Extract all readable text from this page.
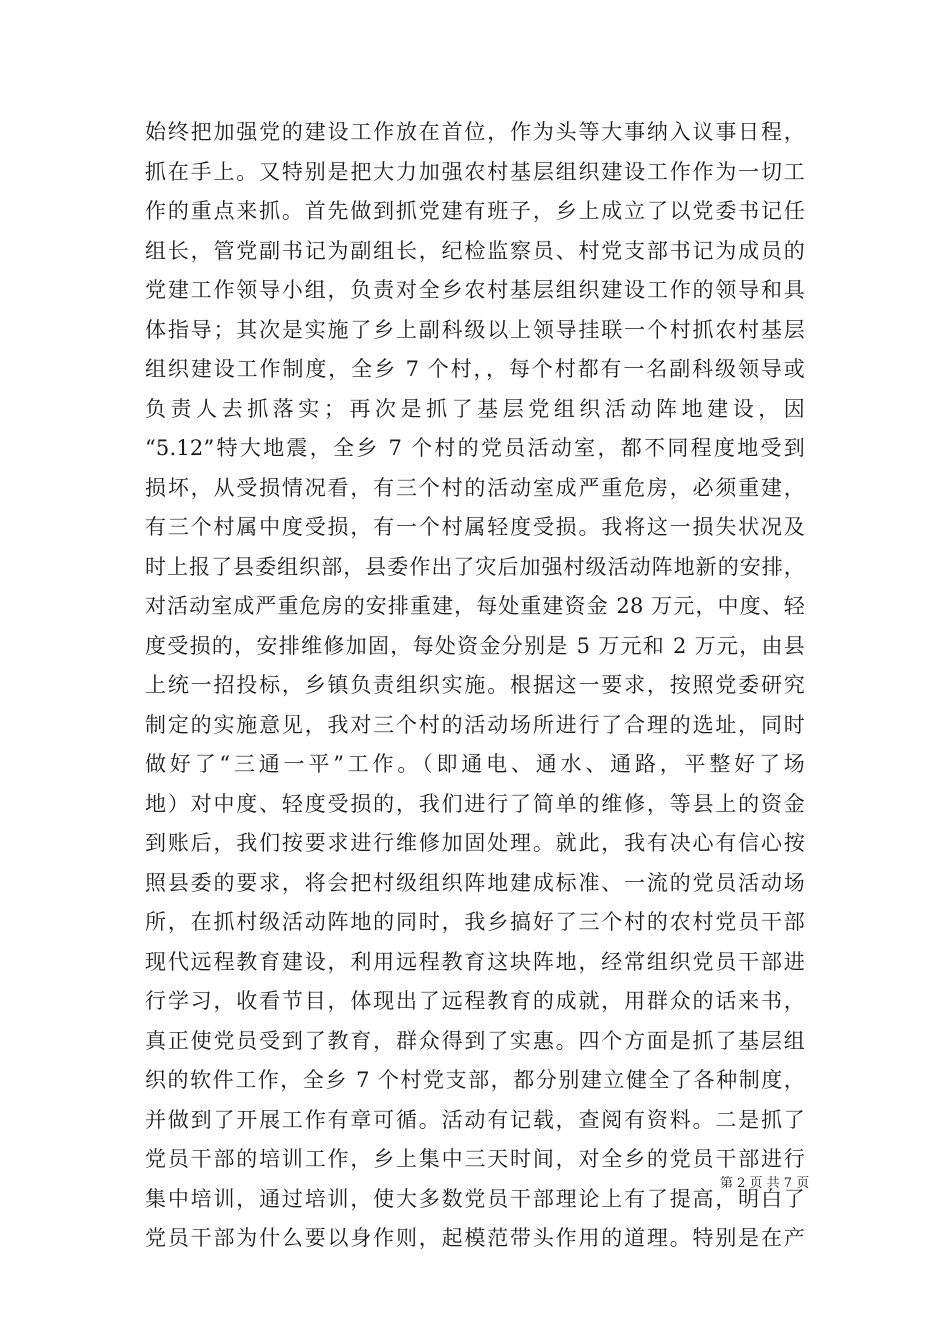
始终把加强党的建设工作放在首位，作为头等大事纳入议事日程，
抓在手上。又特别是把大力加强农村基层组织建设工作作为一切工
作的重点来抓。首先做到抓党建有班子，乡上成立了以党委书记任
组长，管党副书记为副组长，纪检监察员、村党支部书记为成员的
党建工作领导小组，负责对全乡农村基层组织建设工作的领导和具
体指导；其次是实施了乡上副科级以上领导挂联一个村抓农村基层
组织建设工作制度，全乡 7 个村，，每个村都有一名副科级领导或
负责人去抓落实；再次是抓了基层党组织活动阵地建设，因
“5.12”特大地震，全乡 7 个村的党员活动室，都不同程度地受到
损坏，从受损情况看，有三个村的活动室成严重危房，必须重建，
有三个村属中度受损，有一个村属轻度受损。我将这一损失状况及
时上报了县委组织部，县委作出了灾后加强村级活动阵地新的安排，
对活动室成严重危房的安排重建，每处重建资金 28 万元，中度、轻
度受损的，安排维修加固，每处资金分别是 5 万元和 2 万元，由县
上统一招投标，乡镇负责组织实施。根据这一要求，按照党委研究
制定的实施意见，我对三个村的活动场所进行了合理的选址，同时
做好了“三通一平”工作。（即通电、通水、通路，平整好了场
地）对中度、轻度受损的，我们进行了简单的维修，等县上的资金
到账后，我们按要求进行维修加固处理。就此，我有决心有信心按
照县委的要求，将会把村级组织阵地建成标准、一流的党员活动场
所，在抓村级活动阵地的同时，我乡搞好了三个村的农村党员干部
现代远程教育建设，利用远程教育这块阵地，经常组织党员干部进
行学习，收看节目，体现出了远程教育的成就，用群众的话来书，
真正使党员受到了教育，群众得到了实惠。四个方面是抓了基层组
织的软件工作，全乡 7 个村党支部，都分别建立健全了各种制度，
并做到了开展工作有章可循。活动有记载，查阅有资料。二是抓了
党员干部的培训工作，乡上集中三天时间，对全乡的党员干部进行
集中培训，通过培训，使大多数党员干部理论上有了提高，明白了
党员干部为什么要以身作则，起模范带头作用的道理。特别是在产
第 2 页 共 7 页
